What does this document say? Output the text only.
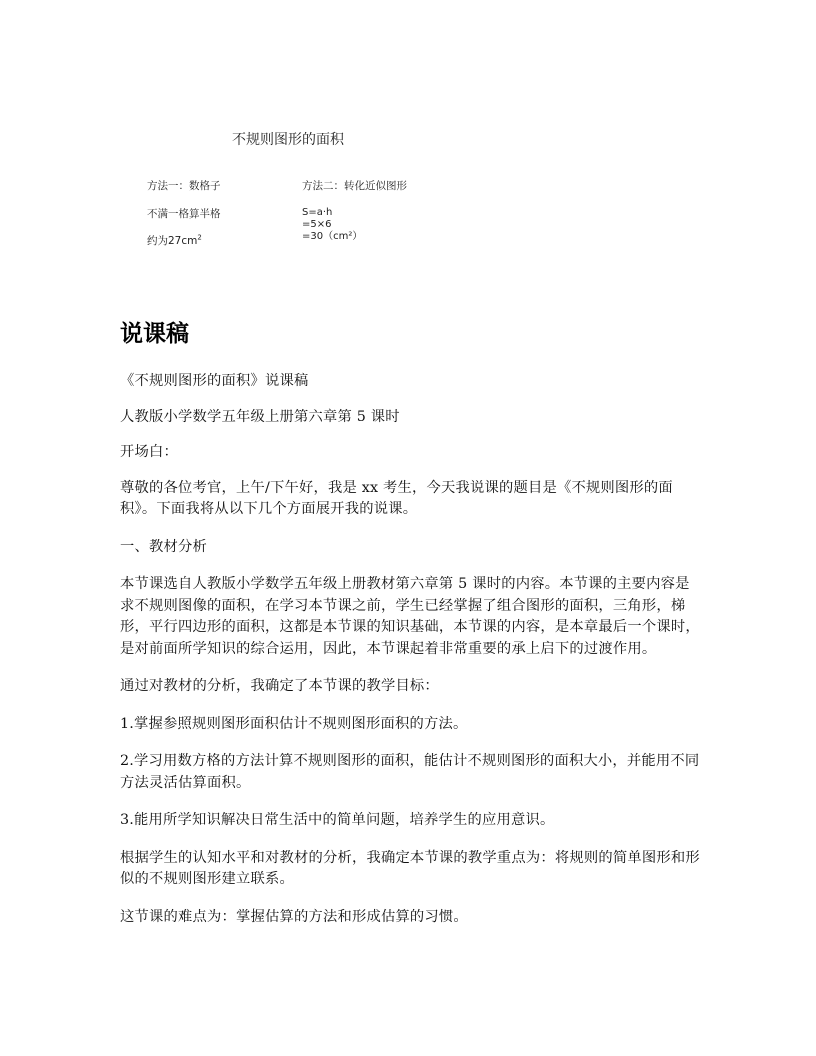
不规则图形的面积
方法一：数格子	方法二：转化近似图形
不满一格算半格
约为$27cm^2$
S=a·h
=5×6
=30（cm²）
说课稿

《不规则图形的面积》说课稿

人教版小学数学五年级上册第六章第 5 课时

开场白：

尊敬的各位考官，上午/下午好，我是 xx 考生，今天我说课的题目是《不规则图形的面积》。下面我将从以下几个方面展开我的说课。

一、教材分析

本节课选自人教版小学数学五年级上册教材第六章第 5 课时的内容。本节课的主要内容是求不规则图像的面积，在学习本节课之前，学生已经掌握了组合图形的面积，三角形，梯形，平行四边形的面积，这都是本节课的知识基础，本节课的内容，是本章最后一个课时，是对前面所学知识的综合运用，因此，本节课起着非常重要的承上启下的过渡作用。

通过对教材的分析，我确定了本节课的教学目标：

1.掌握参照规则图形面积估计不规则图形面积的方法。

2.学习用数方格的方法计算不规则图形的面积，能估计不规则图形的面积大小，并能用不同方法灵活估算面积。

3.能用所学知识解决日常生活中的简单问题，培养学生的应用意识。

根据学生的认知水平和对教材的分析，我确定本节课的教学重点为：将规则的简单图形和形似的不规则图形建立联系。

这节课的难点为：掌握估算的方法和形成估算的习惯。
